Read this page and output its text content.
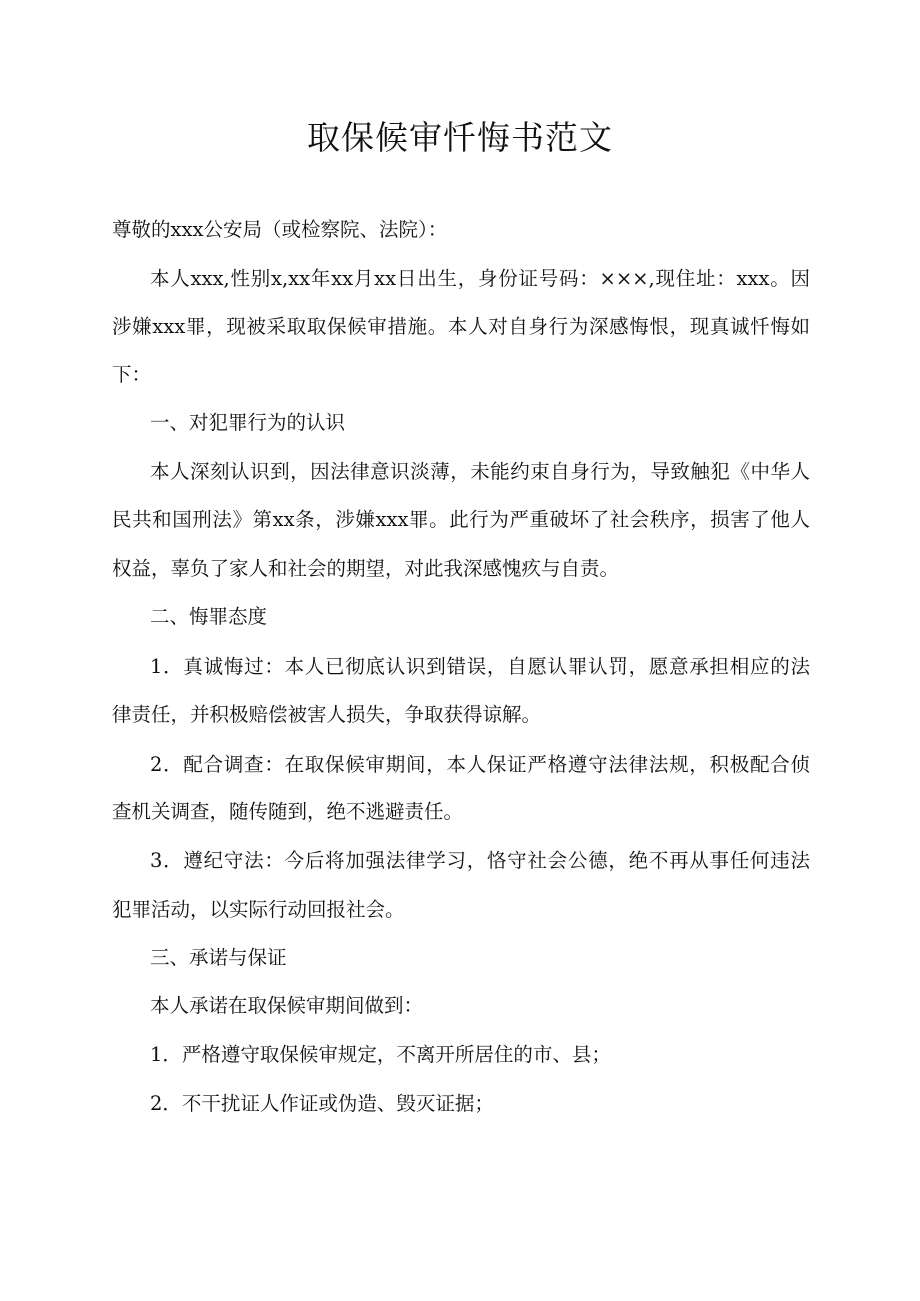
取保候审忏悔书范文

尊敬的xxx公安局（或检察院、法院）：

本人xxx,性别x,xx年xx月xx日出生，身份证号码：×××,现住址：xxx。因

涉嫌xxx罪，现被采取取保候审措施。本人对自身行为深感悔恨，现真诚忏悔如

下：

一、对犯罪行为的认识

本人深刻认识到，因法律意识淡薄，未能约束自身行为，导致触犯《中华人

民共和国刑法》第xx条，涉嫌xxx罪。此行为严重破坏了社会秩序，损害了他人

权益，辜负了家人和社会的期望，对此我深感愧疚与自责。

二、悔罪态度

1．真诚悔过：本人已彻底认识到错误，自愿认罪认罚，愿意承担相应的法

律责任，并积极赔偿被害人损失，争取获得谅解。

2．配合调查：在取保候审期间，本人保证严格遵守法律法规，积极配合侦

查机关调查，随传随到，绝不逃避责任。

3．遵纪守法：今后将加强法律学习，恪守社会公德，绝不再从事任何违法

犯罪活动，以实际行动回报社会。

三、承诺与保证

本人承诺在取保候审期间做到：

1．严格遵守取保候审规定，不离开所居住的市、县；

2．不干扰证人作证或伪造、毁灭证据；
